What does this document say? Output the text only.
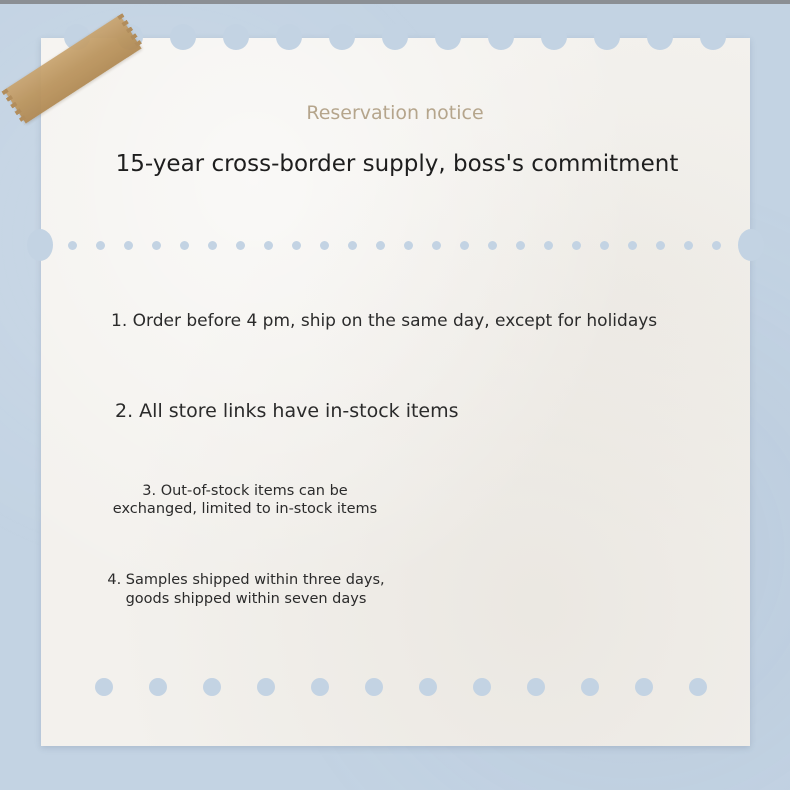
Reservation notice
15-year cross-border supply, boss's commitment
1. Order before 4 pm, ship on the same day, except for holidays
2. All store links have in-stock items
3. Out-of-stock items can be exchanged, limited to in-stock items
4. Samples shipped within three days, goods shipped within seven days
